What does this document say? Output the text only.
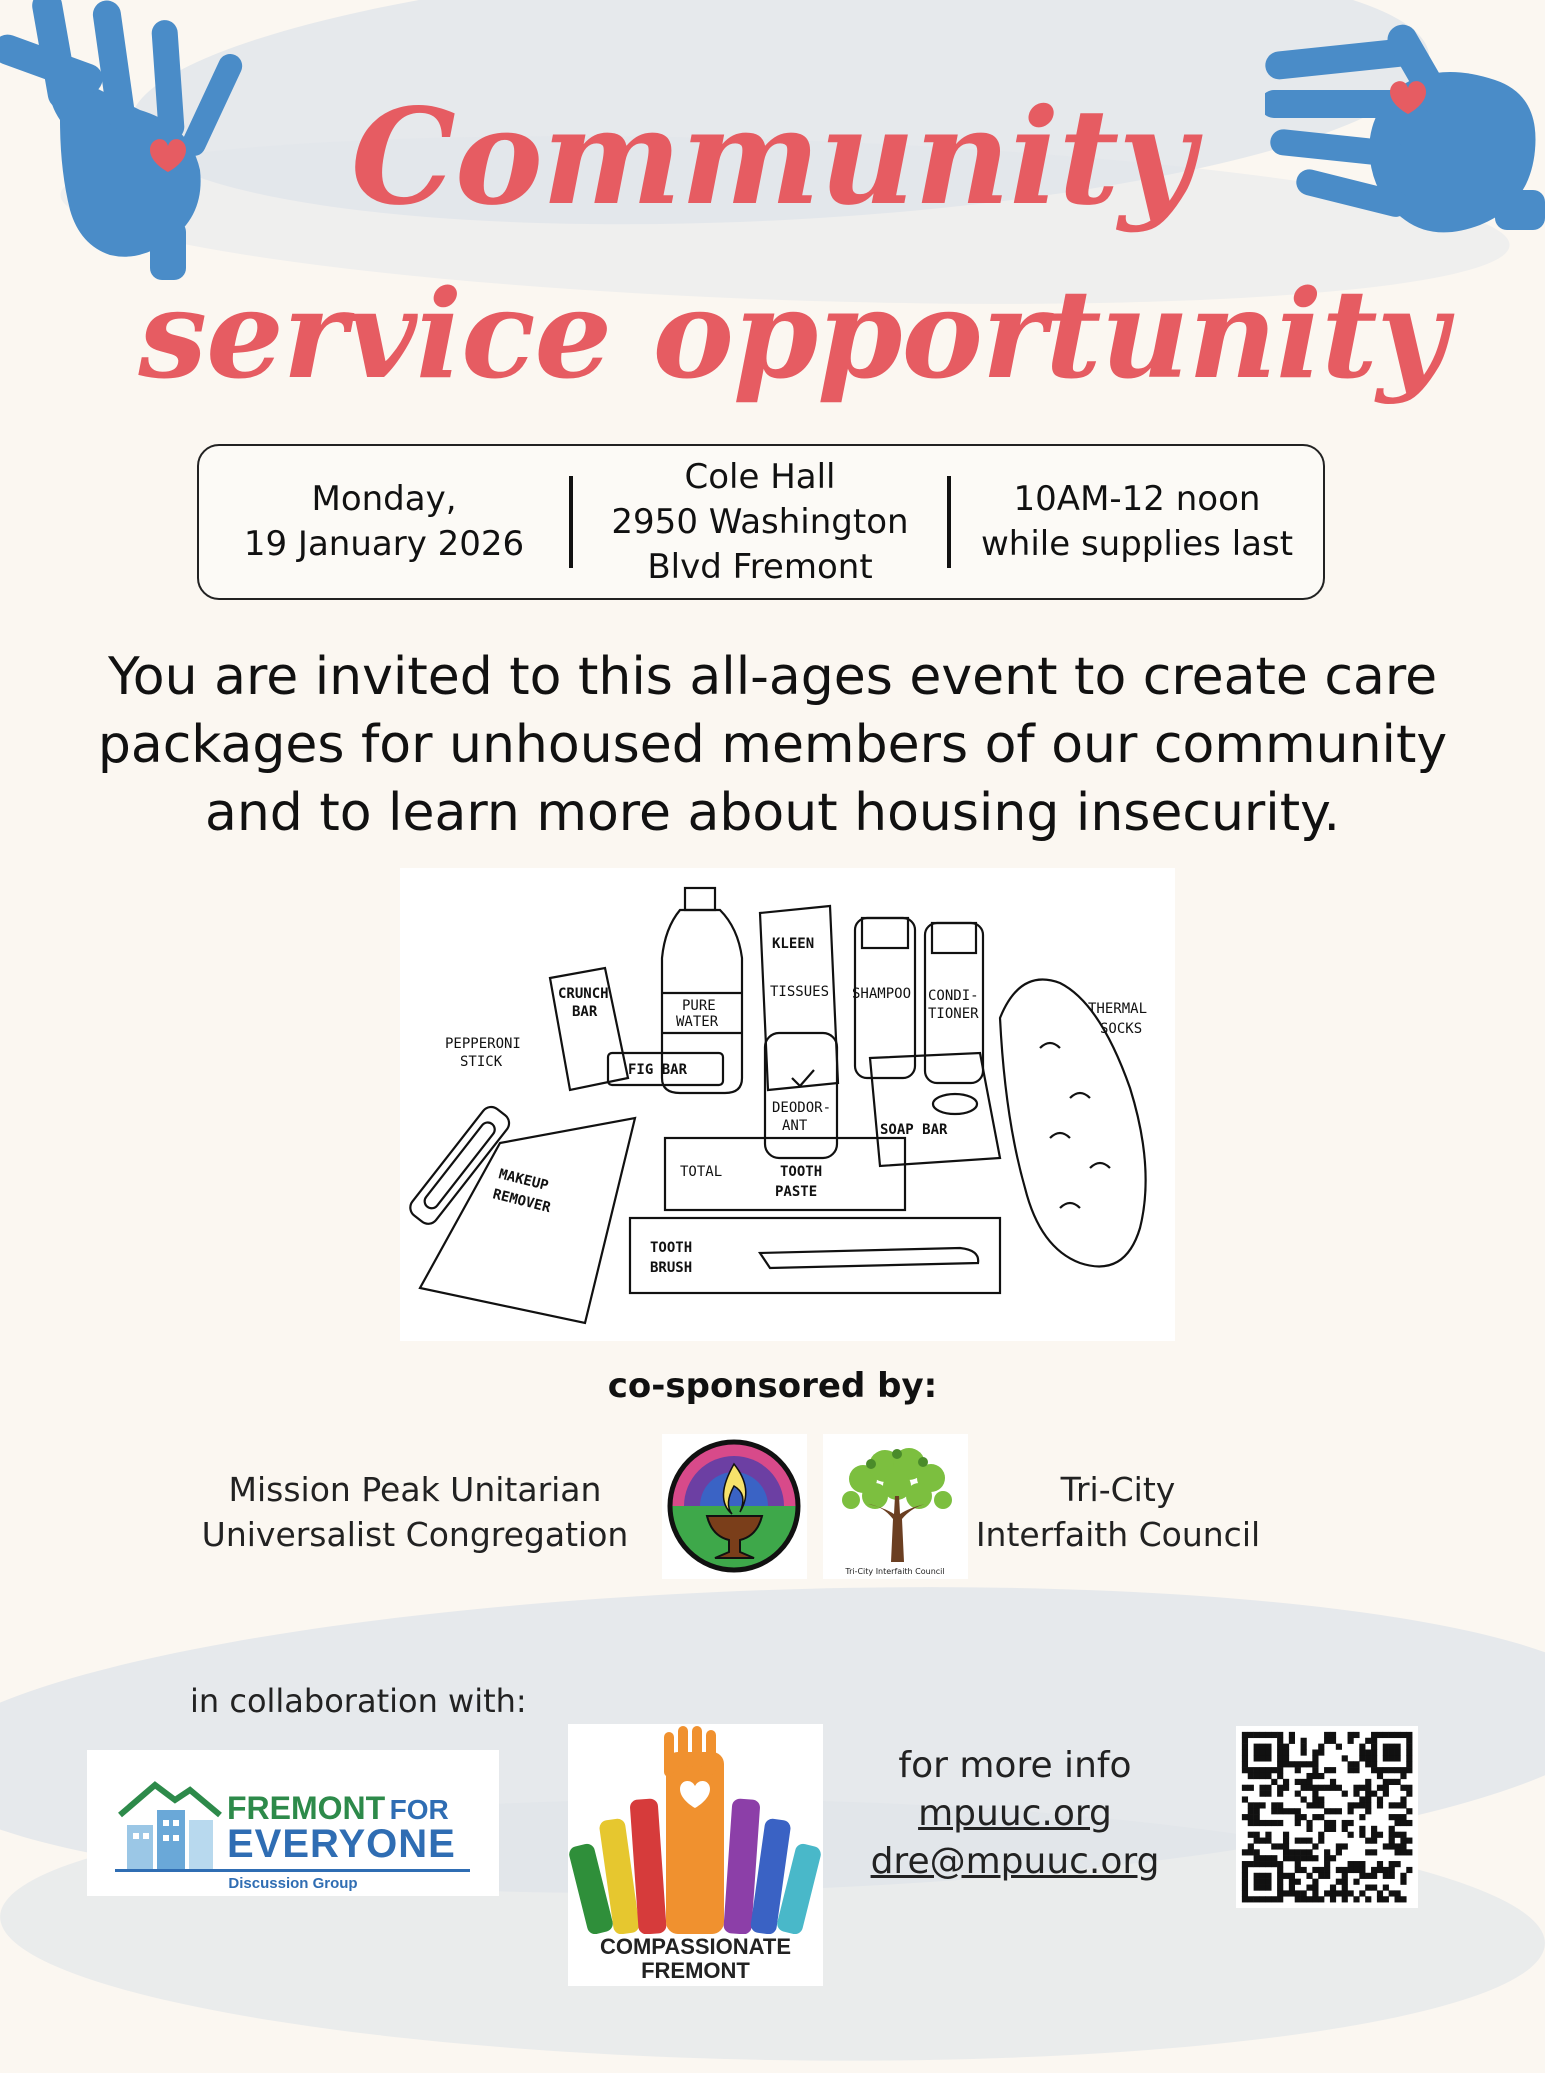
Community
service opportunity
Monday,
19 January 2026
Cole Hall
2950 Washington
Blvd Fremont
10AM-12 noon
while supplies last
You are invited to this all-ages event to create care
packages for unhoused members of our community
and to learn more about housing insecurity.
PEPPERONI
STICK
CRUNCH
BAR	PURE
WATER
KLEEN
TISSUES SHAMPOO CONDI-
TIONER	THERMAL
SOCKS
FIG BAR
DEODOR-
ANT	SOAP BAR
MAKEUP
REMOVER
TOTAL	TOOTH
PASTE
TOOTH
BRUSH
co-sponsored by:
Mission Peak Unitarian
Universalist Congregation
Tri-City Interfaith Council
Tri-City
Interfaith Council
in collaboration with:
FREMONT FOR
EVERYONE
Discussion Group
COMPASSIONATE
FREMONT
for more info
mpuuc.org
dre@mpuuc.org
